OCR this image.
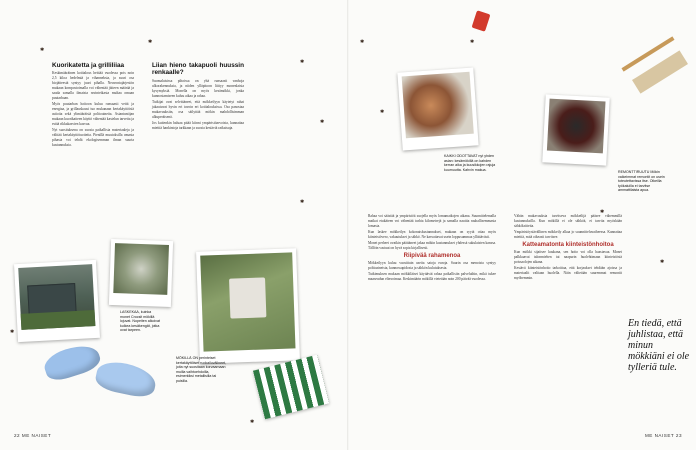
Kuorikatetta ja grilliliiaa

Keskimääräinen kotitalous heittää vuodessa pois noin 2,5 kiloa hedelmiä ja vihanneksia, ja suuri osa biojätteestä syntyy juuri pihalla. Neuvontajärjestön mukaan kompostoimalla voi vähentää jätteen määrää ja saada samalla ilmaista ravinteikasta multaa omaan puutarhaan.

Myös puutarhan hoitoon kuluu runsaasti vettä ja energiaa, ja grillauskausi tuo mukanaan kertakäyttöisiä astioita sekä ylimääräisiä polttoaineita. Asiantuntijan mukaan kuorikatteen käyttö vähentää kastelun tarvetta ja estää rikkakasvien kasvua.

Nyt suosituksena on suosia paikallisia materiaaleja ja välttää kertakäyttötuotteita. Pienillä muutoksilla omasta pihasta voi tehdä ekologisemman ilman suuria kustannuksia.

Liian hieno takapuoli huussin renkaalle?

Suomalaisissa pihoissa on yhä runsaasti vanhoja ulkorakennuksia, ja niiden ylläpitoon liittyy monenlaisia kysymyksiä. Monella on myös kesämökki, jonka kunnostamiseen kuluu aikaa ja rahaa.

Tutkijat ovat selvittäneet, että mökkeilyyn käytetyt rahat jakautuvat hyvin eri tavoin eri kotitalouksissa. Osa panostaa mukavuuksiin, osa säilyttää mökin mahdollisimman alkuperäisenä.

Jos kuitenkin haluaa pitää kiinni ympäristöarvoista, kannattaa miettiä hankintoja tarkkaan ja suosia kestäviä ratkaisuja.

LASKEKAA, kuinka monet Crocsit mökillä lojuvat. Nopeiten alkoivat kulkea kesäkengät, jotka ovat tarpeen.
MÖKILLÄ ON perinteiset kertakäyttöiset ruokailuvälineet, joita nyt suositaan korvaamaan muilla vaihtoehdoilla, esimerkiksi metallisilla tai puisilla.
22 ME NAISET
KAIKKI ODOTTAVAT nyt yhden asian: kesämökillä on kahden kerran aika ja kuusikkojen rajuja kuumuutta. Kahvin makua.
REMONTTIRUUTU Mökin vaikeimmat remontit on usein toteutettavissa itse. Oikeilla työkaluilla ei tarvitse ammattilaista apua.

Rahaa voi säästää ja ympäristöä suojella myös lomamatkojen aikana. Suunnittelemalla matkat etukäteen voi vähentää turhia kilometrejä ja samalla nauttia rauhallisemmasta lomasta.

Kun laskee mökkeilyn kokonaiskustannukset, mukaan on syytä ottaa myös kiinteistövero, vakuutukset ja sähkö. Ne kasvattavat usein loppusummaa yllättävästi.

Monet perheet ovatkin päättäneet jakaa mökin kustannukset yhdessä sukulaisten kanssa. Tällöin vastuut on hyvä sopia kirjallisesti.

Riipivää rahamenoa

Mökkeilyyn kuluu vuosittain useita satoja euroja. Suurin osa menoista syntyy polttoaineista, kunnossapidosta ja sähkön kulutuksesta.

Tutkimuksen mukaan mökkiläiset käyttävät rahaa paikallisiin palveluihin, mikä tukee maaseudun elinvoimaa. Keskimäärin mökillä vietetään noin 200 päivää vuodessa.

Vähän mukavuuksia tarvitseva mökkeilijä pääsee vähemmillä kustannuksilla. Kun mökillä ei ole sähköä, ei tarvita myöskään sähkölaitteita.

Ympäristöystävällinen mökkeily alkaa jo suunnitteluvaiheessa. Kannattaa miettiä, mitä oikeasti tarvitsee.

Katteamatonta kiinteistönhoitoa

Kun mökki sijaitsee kaukana, sen hoito voi olla haastavaa. Monet palkkaavat talonmiehen tai naapurin huolehtimaan kiinteistöstä poissaolojen aikana.

Kestävä kiinteistönhoito tarkoittaa, että korjaukset tehdään ajoissa ja materiaalit valitaan huolella. Näin vältetään suuremmat remontit myöhemmin.

En tiedä, että juhlistaa, että minun mökkiäni ei ole tylleriä tule.
ME NAISET 23
✱
✱
✱
✱
✱
✱
✱
✱
✱
✱
✱
✱
